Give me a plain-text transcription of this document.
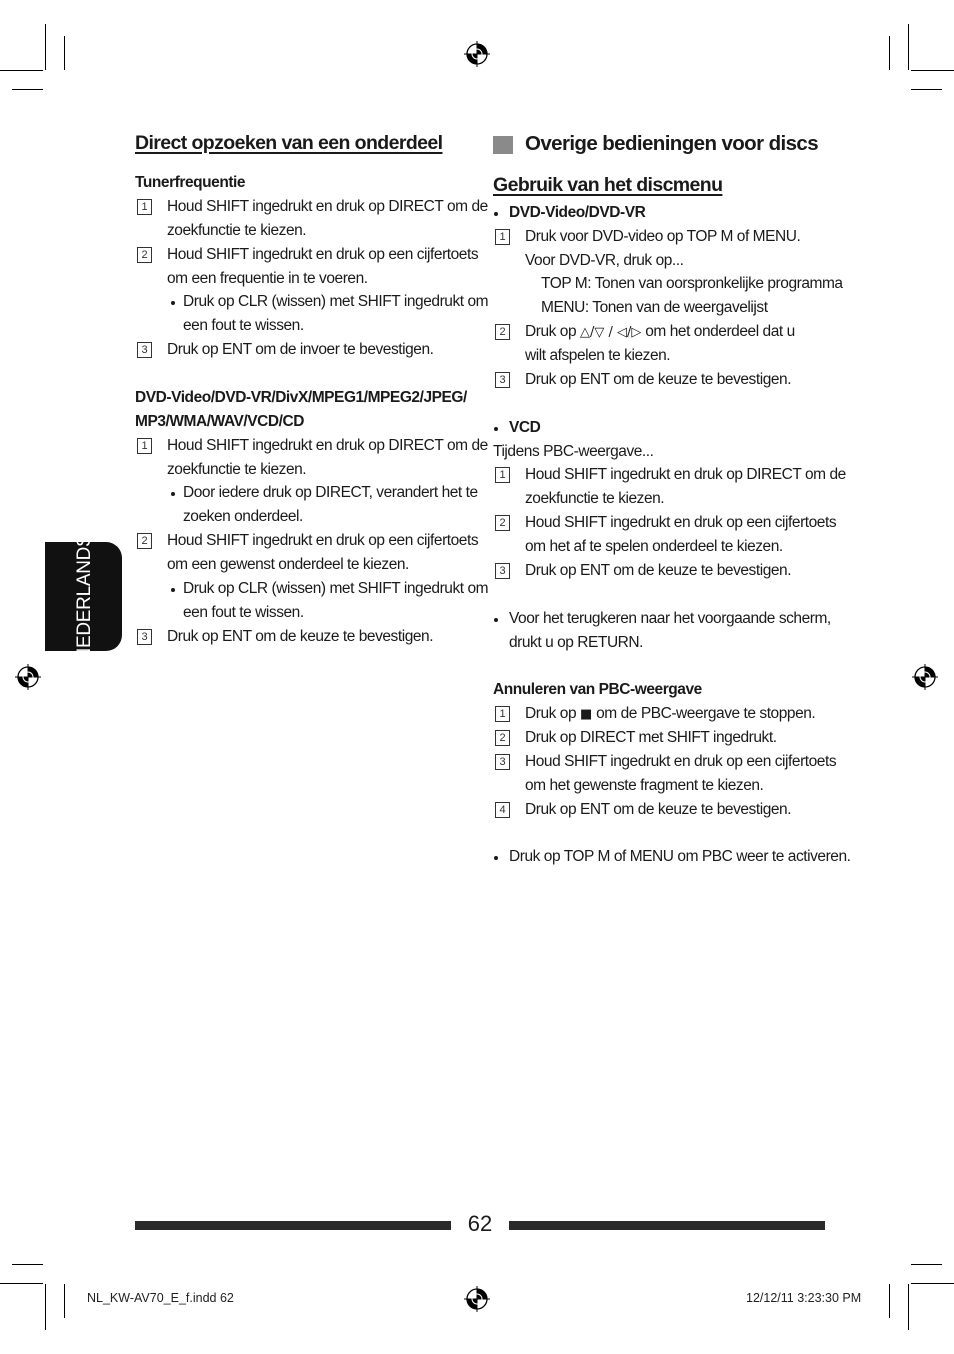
NEDERLANDS
Direct opzoeken van een onderdeel
Tunerfrequentie
1 Houd SHIFT ingedrukt en druk op DIRECT om de
zoekfunctie te kiezen.
2 Houd SHIFT ingedrukt en druk op een cijfertoets
om een frequentie in te voeren.
Druk op CLR (wissen) met SHIFT ingedrukt om
een fout te wissen.
3 Druk op ENT om de invoer te bevestigen.
DVD-Video/DVD-VR/DivX/MPEG1/MPEG2/JPEG/
MP3/WMA/WAV/VCD/CD
1 Houd SHIFT ingedrukt en druk op DIRECT om de
zoekfunctie te kiezen.
Door iedere druk op DIRECT, verandert het te
zoeken onderdeel.
2 Houd SHIFT ingedrukt en druk op een cijfertoets
om een gewenst onderdeel te kiezen.
Druk op CLR (wissen) met SHIFT ingedrukt om
een fout te wissen.
3 Druk op ENT om de keuze te bevestigen.
Overige bedieningen voor discs
Gebruik van het discmenu
DVD-Video/DVD-VR
1 Druk voor DVD-video op TOP M of MENU.
Voor DVD-VR, druk op...
TOP M: Tonen van oorspronkelijke programma
MENU: Tonen van de weergavelijst
2 Druk op △/▽ / ◁/▷ om het onderdeel dat u
wilt afspelen te kiezen.
3 Druk op ENT om de keuze te bevestigen.
VCD
Tijdens PBC-weergave...
1 Houd SHIFT ingedrukt en druk op DIRECT om de
zoekfunctie te kiezen.
2 Houd SHIFT ingedrukt en druk op een cijfertoets
om het af te spelen onderdeel te kiezen.
3 Druk op ENT om de keuze te bevestigen.
Voor het terugkeren naar het voorgaande scherm,
drukt u op RETURN.
Annuleren van PBC-weergave
1 Druk op ■ om de PBC-weergave te stoppen.
2 Druk op DIRECT met SHIFT ingedrukt.
3 Houd SHIFT ingedrukt en druk op een cijfertoets
om het gewenste fragment te kiezen.
4 Druk op ENT om de keuze te bevestigen.
Druk op TOP M of MENU om PBC weer te activeren.
62
NL_KW-AV70_E_f.indd 62	12/12/11 3:23:30 PM
